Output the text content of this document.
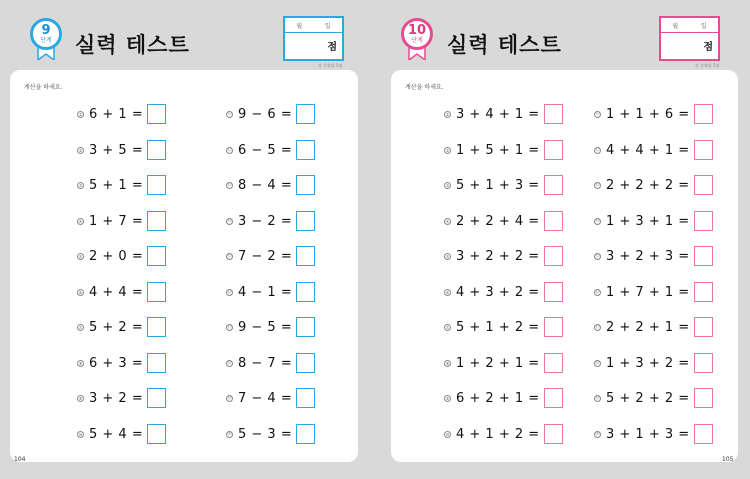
9
단계 실력 테스트
월	일
점
각 문항당 5점
계산을 하세요.
① 6 + 1 =
② 3 + 5 =
③ 5 + 1 =
④ 1 + 7 =
⑤ 2 + 0 =
⑥ 4 + 4 =
⑦ 5 + 2 =
⑧ 6 + 3 =
⑨ 3 + 2 =
⑩ 5 + 4 =
⑪ 9 − 6 =
⑫ 6 − 5 =
⑬ 8 − 4 =
⑭ 3 − 2 =
⑮ 7 − 2 =
⑯ 4 − 1 =
⑰ 9 − 5 =
⑱ 8 − 7 =
⑲ 7 − 4 =
⑳ 5 − 3 =
104
10
단계 실력 테스트
월	일
점
각 문항당 5점
계산을 하세요.
① 3 + 4 + 1 =
② 1 + 5 + 1 =
③ 5 + 1 + 3 =
④ 2 + 2 + 4 =
⑤ 3 + 2 + 2 =
⑥ 4 + 3 + 2 =
⑦ 5 + 1 + 2 =
⑧ 1 + 2 + 1 =
⑨ 6 + 2 + 1 =
⑩ 4 + 1 + 2 =
⑪ 1 + 1 + 6 =
⑫ 4 + 4 + 1 =
⑬ 2 + 2 + 2 =
⑭ 1 + 3 + 1 =
⑮ 3 + 2 + 3 =
⑯ 1 + 7 + 1 =
⑰ 2 + 2 + 1 =
⑱ 1 + 3 + 2 =
⑲ 5 + 2 + 2 =
⑳ 3 + 1 + 3 =
105
